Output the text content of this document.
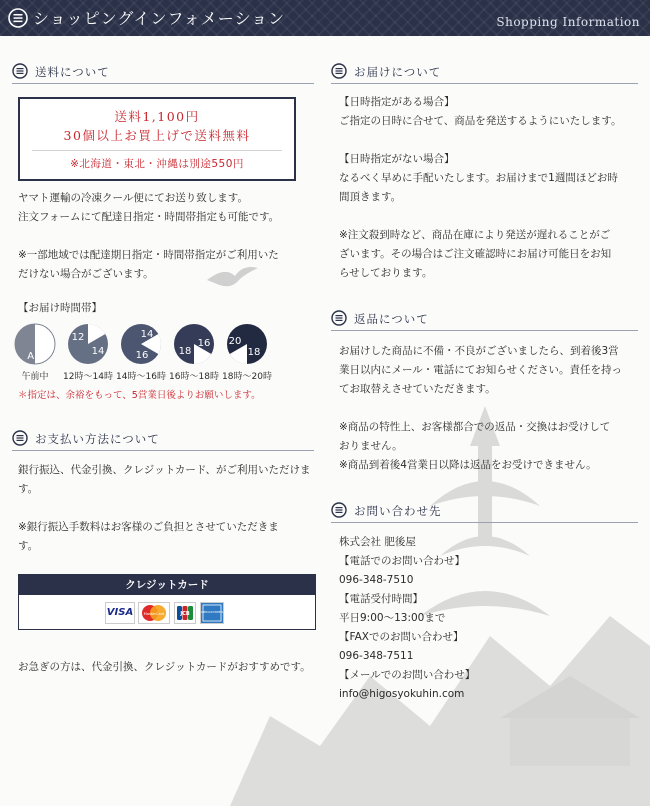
ショッピングインフォメーション	Shopping Information
送料について
送料1,100円
30個以上お買上げで送料無料
※北海道・東北・沖縄は別途550円
ヤマト運輸の冷凍クール便にてお送り致します。
注文フォームにて配達日指定・時間帯指定も可能です。
※一部地域では配達期日指定・時間帯指定がご利用いた
だけない場合がございます。
【お届け時間帯】
AM
12
14
14
16
16
18
20
18
午前中	12時〜14時 14時〜16時 16時〜18時 18時〜20時
＊指定は、余裕をもって、5営業日後よりお願いします。
お支払い方法について
銀行振込、代金引換、クレジットカード、がご利用いただけま
す。
※銀行振込手数料はお客様のご負担とさせていただきま
す。
クレジットカード
VISA	MasterCard	JCB	AMERICAN EXPRESS
お急ぎの方は、代金引換、クレジットカードがおすすめです。
お届けについて
【日時指定がある場合】
ご指定の日時に合せて、商品を発送するようにいたします。
【日時指定がない場合】
なるべく早めに手配いたします。お届けまで1週間ほどお時
間頂きます。
※注文殺到時など、商品在庫により発送が遅れることがご
ざいます。その場合はご注文確認時にお届け可能日をお知
らせしております。
返品について
お届けした商品に不備・不良がございましたら、到着後3営
業日以内にメール・電話にてお知らせください。責任を持っ
てお取替えさせていただきます。
※商品の特性上、お客様都合での返品・交換はお受けして
おりません。
※商品到着後4営業日以降は返品をお受けできません。
お問い合わせ先
株式会社 肥後屋
【電話でのお問い合わせ】
096-348-7510
【電話受付時間】
平日9:00〜13:00まで
【FAXでのお問い合わせ】
096-348-7511
【メールでのお問い合わせ】
info@higosyokuhin.com
